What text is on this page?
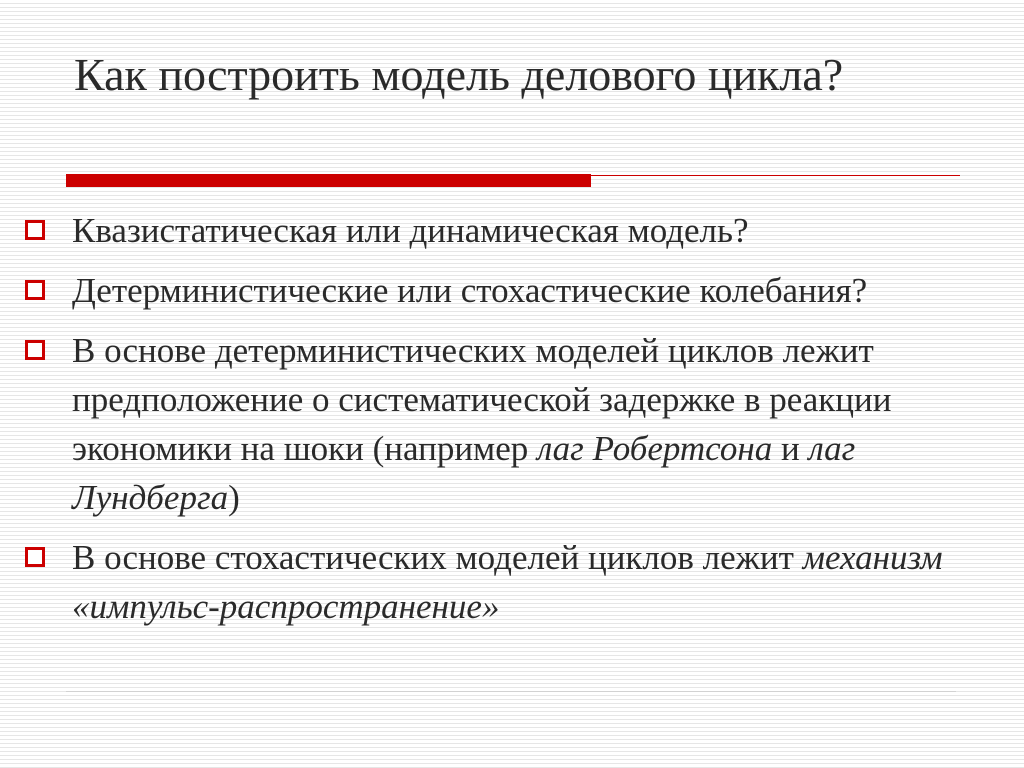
Как построить модель делового цикла?
Квазистатическая или динамическая модель?
Детерминистические или стохастические колебания?
В основе детерминистических моделей циклов лежит предположение о систематической задержке в реакции экономики на шоки (например лаг Робертсона и лаг Лундберга)
В основе стохастических моделей циклов лежит механизм «импульс-распространение»
